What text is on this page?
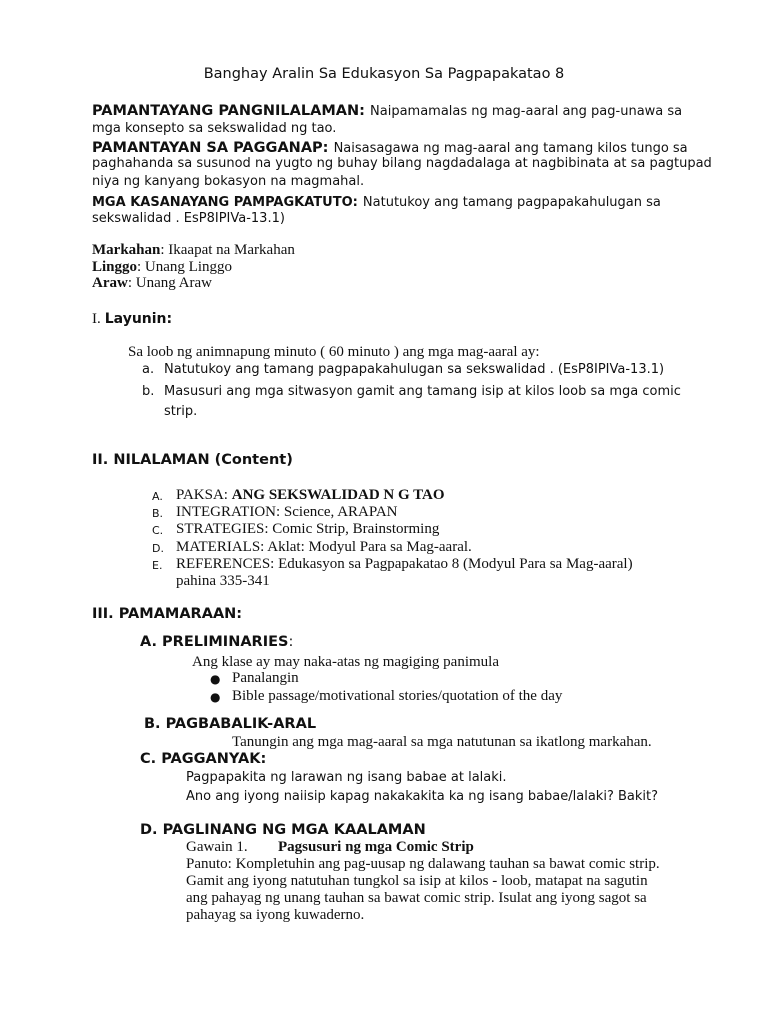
Banghay Aralin Sa Edukasyon Sa Pagpapakatao 8
PAMANTAYANG PANGNILALAMAN: Naipamamalas ng mag-aaral ang pag-unawa sa
mga konsepto sa sekswalidad ng tao.
PAMANTAYAN SA PAGGANAP: Naisasagawa ng mag-aaral ang tamang kilos tungo sa
paghahanda sa susunod na yugto ng buhay bilang nagdadalaga at nagbibinata at sa pagtupad
niya ng kanyang bokasyon na magmahal.
MGA KASANAYANG PAMPAGKATUTO: Natutukoy ang tamang pagpapakahulugan sa
sekswalidad . EsP8IPIVa-13.1)
Markahan: Ikaapat na Markahan
Linggo: Unang Linggo
Araw: Unang Araw
I. Layunin:
Sa loob ng animnapung minuto ( 60 minuto ) ang mga mag-aaral ay:
a. Natutukoy ang tamang pagpapakahulugan sa sekswalidad . (EsP8IPIVa-13.1)
b. Masusuri ang mga sitwasyon gamit ang tamang isip at kilos loob sa mga comic
strip.
II. NILALAMAN (Content)
A. PAKSA: ANG SEKSWALIDAD N G TAO
B. INTEGRATION: Science, ARAPAN
C. STRATEGIES: Comic Strip, Brainstorming
D. MATERIALS: Aklat: Modyul Para sa Mag-aaral.
E. REFERENCES: Edukasyon sa Pagpapakatao 8 (Modyul Para sa Mag-aaral)
pahina 335-341
III. PAMAMARAAN:
A. PRELIMINARIES:
Ang klase ay may naka-atas ng magiging panimula
● Panalangin
● Bible passage/motivational stories/quotation of the day
B. PAGBABALIK-ARAL
Tanungin ang mga mag-aaral sa mga natutunan sa ikatlong markahan.
C. PAGGANYAK:
Pagpapakita ng larawan ng isang babae at lalaki.
Ano ang iyong naiisip kapag nakakakita ka ng isang babae/lalaki? Bakit?
D. PAGLINANG NG MGA KAALAMAN
Gawain 1. Pagsusuri ng mga Comic Strip
Panuto: Kompletuhin ang pag-uusap ng dalawang tauhan sa bawat comic strip.
Gamit ang iyong natutuhan tungkol sa isip at kilos - loob, matapat na sagutin
ang pahayag ng unang tauhan sa bawat comic strip. Isulat ang iyong sagot sa
pahayag sa iyong kuwaderno.
